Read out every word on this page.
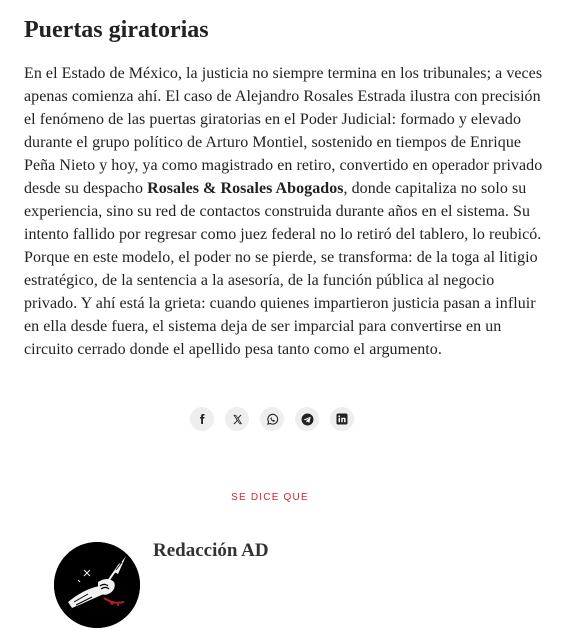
Puertas giratorias

En el Estado de México, la justicia no siempre termina en los tribunales; a veces apenas comienza ahí. El caso de Alejandro Rosales Estrada ilustra con precisión el fenómeno de las puertas giratorias en el Poder Judicial: formado y elevado durante el grupo político de Arturo Montiel, sostenido en tiempos de Enrique Peña Nieto y hoy, ya como magistrado en retiro, convertido en operador privado desde su despacho Rosales & Rosales Abogados, donde capitaliza no solo su experiencia, sino su red de contactos construida durante años en el sistema. Su intento fallido por regresar como juez federal no lo retiró del tablero, lo reubicó. Porque en este modelo, el poder no se pierde, se transforma: de la toga al litigio estratégico, de la sentencia a la asesoría, de la función pública al negocio privado. Y ahí está la grieta: cuando quienes impartieron justicia pasan a influir en ella desde fuera, el sistema deja de ser imparcial para convertirse en un circuito cerrado donde el apellido pesa tanto como el argumento.

SE DICE QUE
Redacción AD
